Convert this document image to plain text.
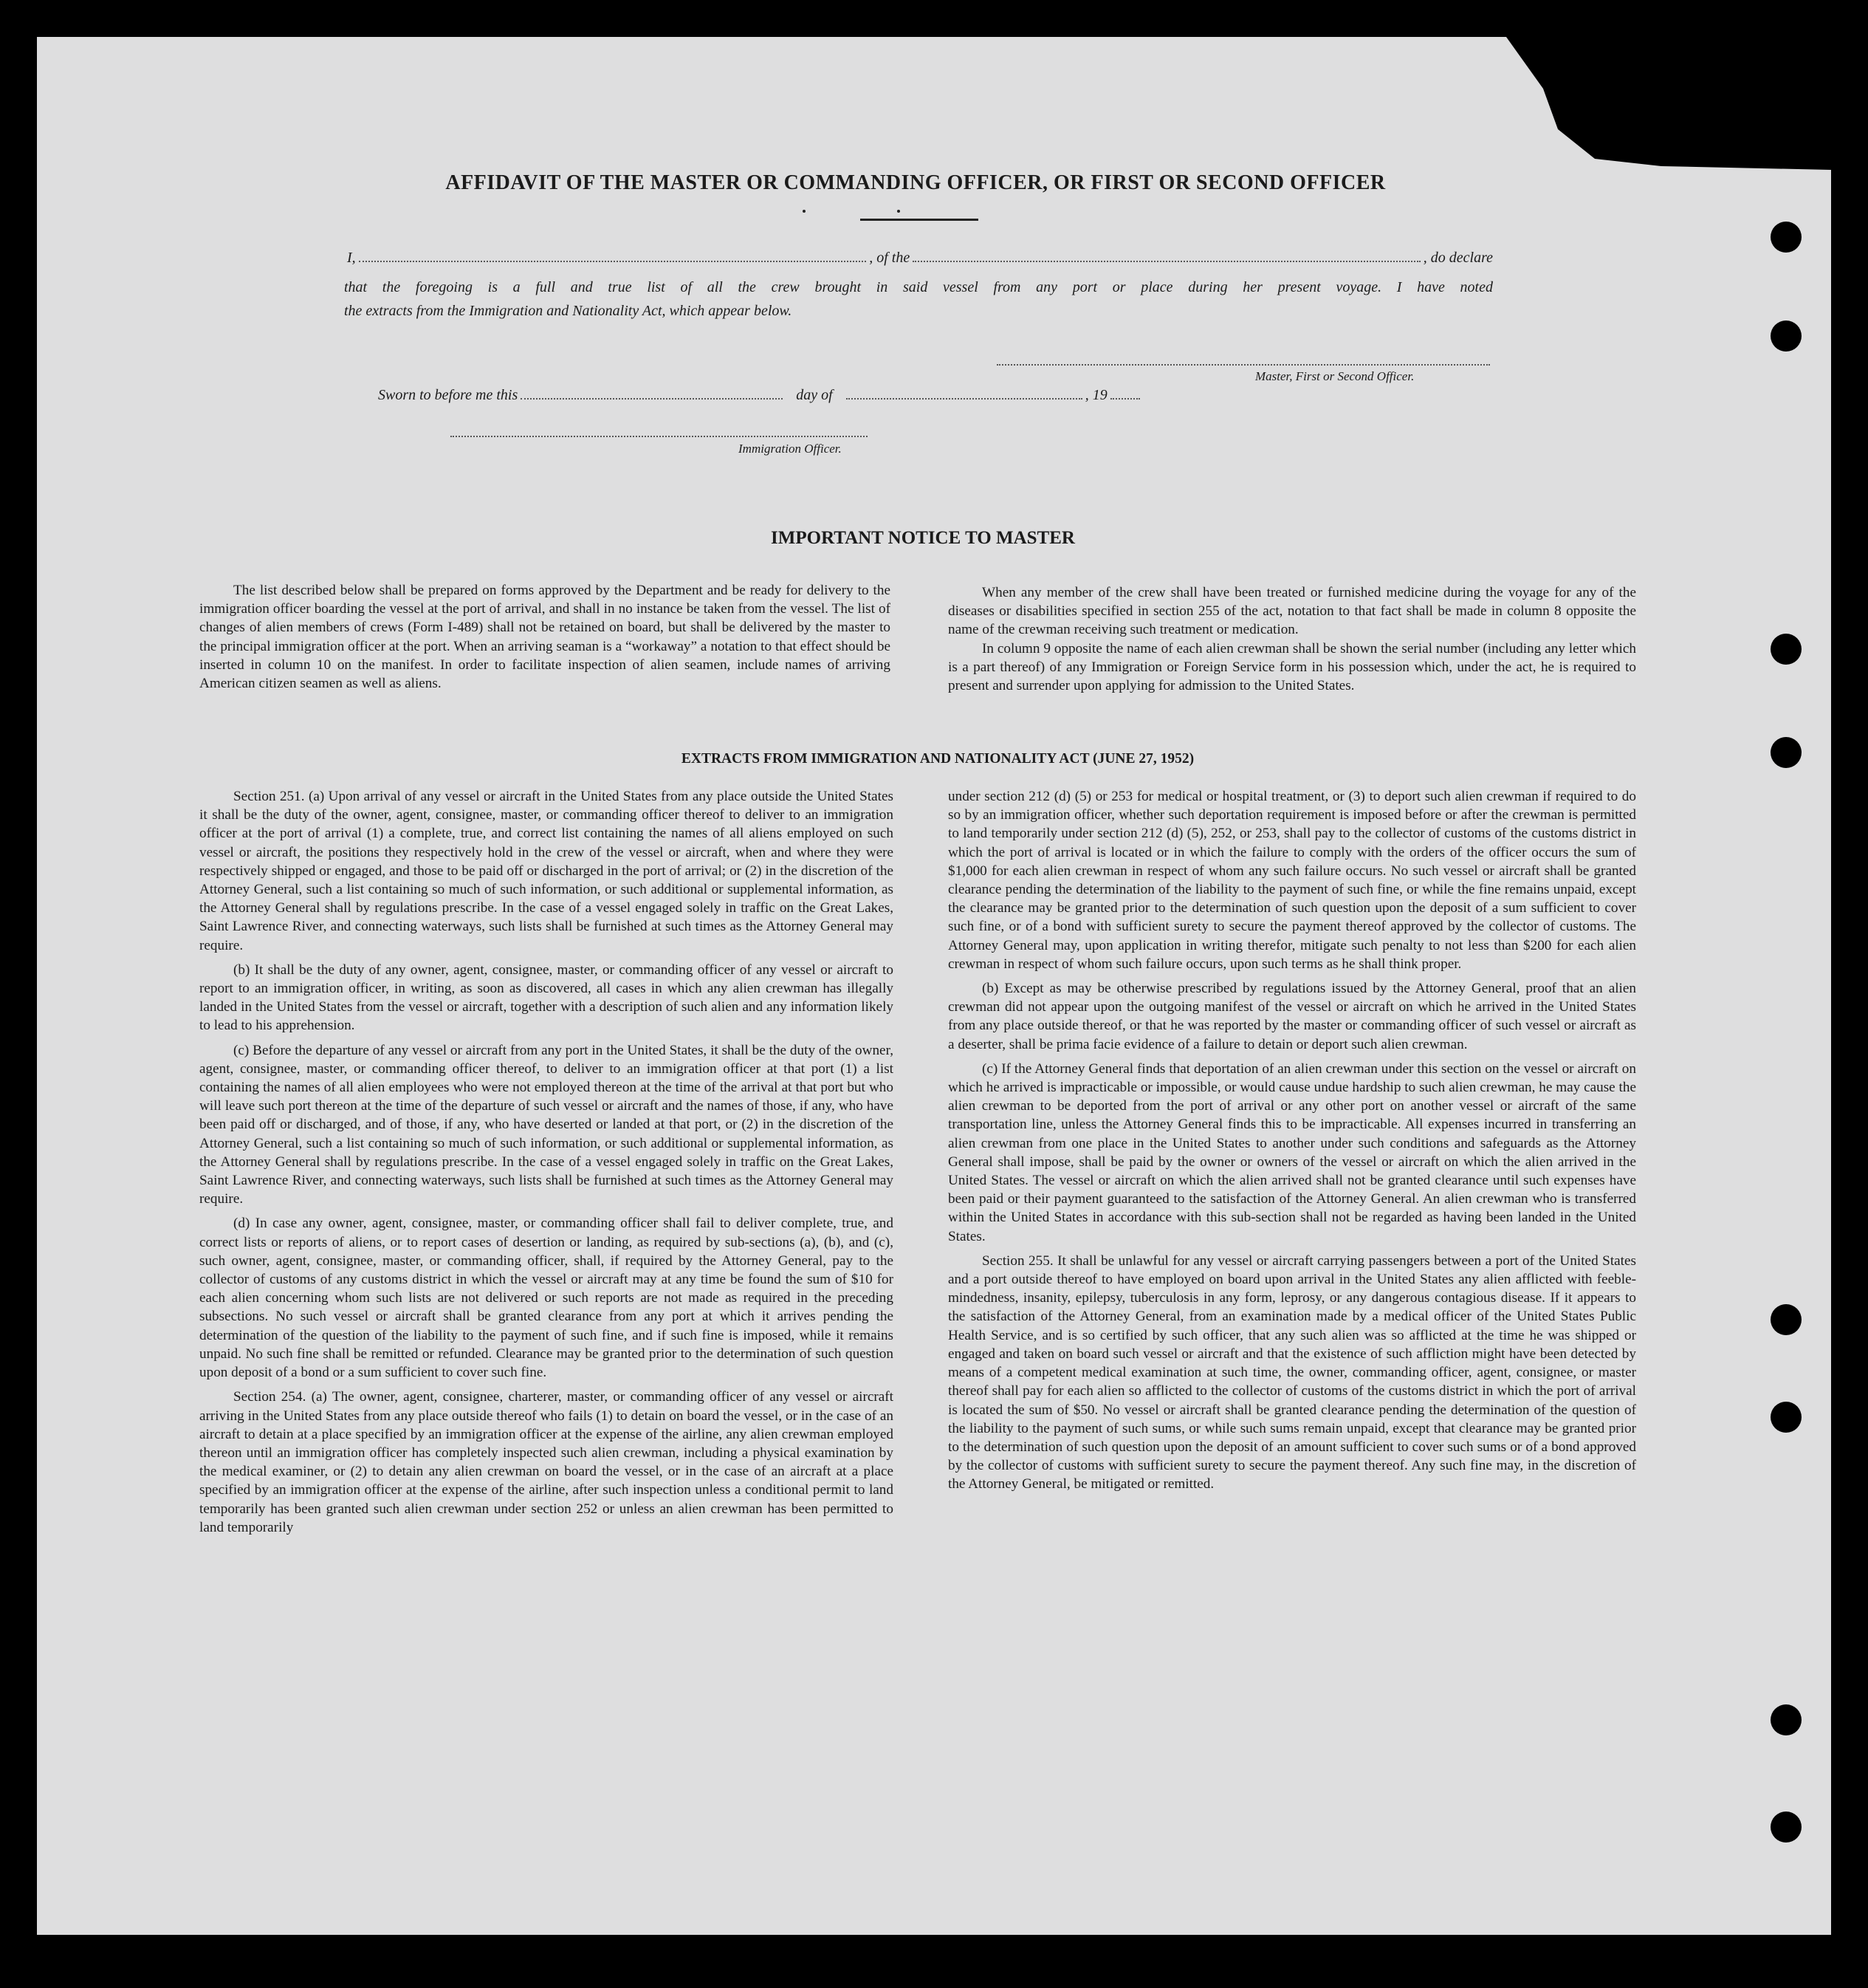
AFFIDAVIT OF THE MASTER OR COMMANDING OFFICER, OR FIRST OR SECOND OFFICER
I,	, of the	, do declare
that the foregoing is a full and true list of all the crew brought in said vessel from any port or place during her present voyage. I have noted
the extracts from the Immigration and Nationality Act, which appear below.
Master, First or Second Officer.
Sworn to before me this	day of	, 19
Immigration Officer.
IMPORTANT NOTICE TO MASTER

The list described below shall be prepared on forms approved by the Department and be ready for delivery to the immigration officer boarding the vessel at the port of arrival, and shall in no instance be taken from the vessel. The list of changes of alien members of crews (Form I-489) shall not be retained on board, but shall be delivered by the master to the principal immigration officer at the port. When an arriving seaman is a “workaway” a notation to that effect should be inserted in column 10 on the manifest. In order to facilitate inspection of alien seamen, include names of arriving American citizen seamen as well as aliens.

When any member of the crew shall have been treated or furnished medicine during the voyage for any of the diseases or disabilities specified in section 255 of the act, notation to that fact shall be made in column 8 opposite the name of the crewman receiving such treatment or medication.

In column 9 opposite the name of each alien crewman shall be shown the serial number (including any letter which is a part thereof) of any Immigration or Foreign Service form in his possession which, under the act, he is required to present and surrender upon applying for admission to the United States.

EXTRACTS FROM IMMIGRATION AND NATIONALITY ACT (JUNE 27, 1952)

Section 251. (a) Upon arrival of any vessel or aircraft in the United States from any place outside the United States it shall be the duty of the owner, agent, consignee, master, or commanding officer thereof to deliver to an immigration officer at the port of arrival (1) a complete, true, and correct list containing the names of all aliens employed on such vessel or aircraft, the positions they respectively hold in the crew of the vessel or aircraft, when and where they were respectively shipped or engaged, and those to be paid off or discharged in the port of arrival; or (2) in the discretion of the Attorney General, such a list containing so much of such information, or such additional or supplemental information, as the Attorney General shall by regulations prescribe. In the case of a vessel engaged solely in traffic on the Great Lakes, Saint Lawrence River, and connecting waterways, such lists shall be furnished at such times as the Attorney General may require.

(b) It shall be the duty of any owner, agent, consignee, master, or commanding officer of any vessel or aircraft to report to an immigration officer, in writing, as soon as discovered, all cases in which any alien crewman has illegally landed in the United States from the vessel or aircraft, together with a description of such alien and any information likely to lead to his apprehension.

(c) Before the departure of any vessel or aircraft from any port in the United States, it shall be the duty of the owner, agent, consignee, master, or commanding officer thereof, to deliver to an immigration officer at that port (1) a list containing the names of all alien employees who were not employed thereon at the time of the arrival at that port but who will leave such port thereon at the time of the departure of such vessel or aircraft and the names of those, if any, who have been paid off or discharged, and of those, if any, who have deserted or landed at that port, or (2) in the discretion of the Attorney General, such a list containing so much of such information, or such additional or supplemental information, as the Attorney General shall by regulations prescribe. In the case of a vessel engaged solely in traffic on the Great Lakes, Saint Lawrence River, and connecting waterways, such lists shall be furnished at such times as the Attorney General may require.

(d) In case any owner, agent, consignee, master, or commanding officer shall fail to deliver complete, true, and correct lists or reports of aliens, or to report cases of desertion or landing, as required by sub-sections (a), (b), and (c), such owner, agent, consignee, master, or commanding officer, shall, if required by the Attorney General, pay to the collector of customs of any customs district in which the vessel or aircraft may at any time be found the sum of $10 for each alien concerning whom such lists are not delivered or such reports are not made as required in the preceding subsections. No such vessel or aircraft shall be granted clearance from any port at which it arrives pending the determination of the question of the liability to the payment of such fine, and if such fine is imposed, while it remains unpaid. No such fine shall be remitted or refunded. Clearance may be granted prior to the determination of such question upon deposit of a bond or a sum sufficient to cover such fine.

Section 254. (a) The owner, agent, consignee, charterer, master, or commanding officer of any vessel or aircraft arriving in the United States from any place outside thereof who fails (1) to detain on board the vessel, or in the case of an aircraft to detain at a place specified by an immigration officer at the expense of the airline, any alien crewman employed thereon until an immigration officer has completely inspected such alien crewman, including a physical examination by the medical examiner, or (2) to detain any alien crewman on board the vessel, or in the case of an aircraft at a place specified by an immigration officer at the expense of the airline, after such inspection unless a conditional permit to land temporarily has been granted such alien crewman under section 252 or unless an alien crewman has been permitted to land temporarily

under section 212 (d) (5) or 253 for medical or hospital treatment, or (3) to deport such alien crewman if required to do so by an immigration officer, whether such deportation requirement is imposed before or after the crewman is permitted to land temporarily under section 212 (d) (5), 252, or 253, shall pay to the collector of customs of the customs district in which the port of arrival is located or in which the failure to comply with the orders of the officer occurs the sum of $1,000 for each alien crewman in respect of whom any such failure occurs. No such vessel or aircraft shall be granted clearance pending the determination of the liability to the payment of such fine, or while the fine remains unpaid, except the clearance may be granted prior to the determination of such question upon the deposit of a sum sufficient to cover such fine, or of a bond with sufficient surety to secure the payment thereof approved by the collector of customs. The Attorney General may, upon application in writing therefor, mitigate such penalty to not less than $200 for each alien crewman in respect of whom such failure occurs, upon such terms as he shall think proper.

(b) Except as may be otherwise prescribed by regulations issued by the Attorney General, proof that an alien crewman did not appear upon the outgoing manifest of the vessel or aircraft on which he arrived in the United States from any place outside thereof, or that he was reported by the master or commanding officer of such vessel or aircraft as a deserter, shall be prima facie evidence of a failure to detain or deport such alien crewman.

(c) If the Attorney General finds that deportation of an alien crewman under this section on the vessel or aircraft on which he arrived is impracticable or impossible, or would cause undue hardship to such alien crewman, he may cause the alien crewman to be deported from the port of arrival or any other port on another vessel or aircraft of the same transportation line, unless the Attorney General finds this to be impracticable. All expenses incurred in transferring an alien crewman from one place in the United States to another under such conditions and safeguards as the Attorney General shall impose, shall be paid by the owner or owners of the vessel or aircraft on which the alien arrived in the United States. The vessel or aircraft on which the alien arrived shall not be granted clearance until such expenses have been paid or their payment guaranteed to the satisfaction of the Attorney General. An alien crewman who is transferred within the United States in accordance with this sub-section shall not be regarded as having been landed in the United States.

Section 255. It shall be unlawful for any vessel or aircraft carrying passengers between a port of the United States and a port outside thereof to have employed on board upon arrival in the United States any alien afflicted with feeble-mindedness, insanity, epilepsy, tuberculosis in any form, leprosy, or any dangerous contagious disease. If it appears to the satisfaction of the Attorney General, from an examination made by a medical officer of the United States Public Health Service, and is so certified by such officer, that any such alien was so afflicted at the time he was shipped or engaged and taken on board such vessel or aircraft and that the existence of such affliction might have been detected by means of a competent medical examination at such time, the owner, commanding officer, agent, consignee, or master thereof shall pay for each alien so afflicted to the collector of customs of the customs district in which the port of arrival is located the sum of $50. No vessel or aircraft shall be granted clearance pending the determination of the question of the liability to the payment of such sums, or while such sums remain unpaid, except that clearance may be granted prior to the determination of such question upon the deposit of an amount sufficient to cover such sums or of a bond approved by the collector of customs with sufficient surety to secure the payment thereof. Any such fine may, in the discretion of the Attorney General, be mitigated or remitted.
